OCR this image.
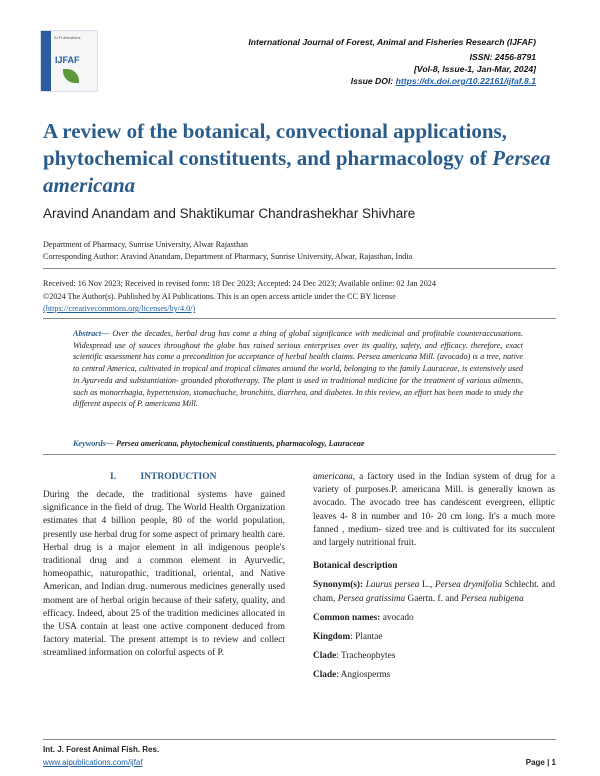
AI Publications
IJFAF
International Journal of Forest, Animal and Fisheries Research (IJFAF)
ISSN: 2456-8791
[Vol-8, Issue-1, Jan-Mar, 2024]
Issue DOI: https://dx.doi.org/10.22161/ijfaf.8.1
A review of the botanical, convectional applications, phytochemical constituents, and pharmacology of Persea americana
Aravind Anandam and Shaktikumar Chandrashekhar Shivhare
Department of Pharmacy, Sunrise University, Alwar Rajasthan
Corresponding Author: Aravind Anandam, Department of Pharmacy, Sunrise University, Alwar, Rajasthan, India
Received: 16 Nov 2023; Received in revised form: 18 Dec 2023; Accepted: 24 Dec 2023; Available online: 02 Jan 2024
©2024 The Author(s). Published by AI Publications. This is an open access article under the CC BY license
(https://creativecommons.org/licenses/by/4.0/)
Abstract— Over the decades, herbal drug has come a thing of global significance with medicinal and profitable counteraccusations. Widespread use of sauces throughout the globe has raised serious enterprises over its quality, safety, and efficacy. therefore, exact scientific assessment has come a precondition for acceptance of herbal health claims. Persea americana Mill. (avocado) is a tree, native to central America, cultivated in tropical and tropical climates around the world, belonging to the family Lauraceae, is extensively used in Ayurveda and substantiation- grounded phototherapy. The plant is used in traditional medicine for the treatment of various ailments, such as monorrhagia, hypertension, stomachache, bronchitis, diarrhea, and diabetes. In this review, an effort has been made to study the different aspects of P. americana Mill.
Keywords— Persea americana, phytochemical constituents, pharmacology, Lauraceae
I.	INTRODUCTION
During the decade, the traditional systems have gained significance in the field of drug. The World Health Organization estimates that 4 billion people, 80 of the world population, presently use herbal drug for some aspect of primary health care. Herbal drug is a major element in all indigenous people's traditional drug and a common element in Ayurvedic, homeopathic, naturopathic, traditional, oriental, and Native American, and Indian drug. numerous medicines generally used moment are of herbal origin because of their safety, quality, and efficacy. Indeed, about 25 of the tradition medicines allocated in the USA contain at least one active component deduced from factory material. The present attempt is to review and collect streamlined information on colorful aspects of P.

americana, a factory used in the Indian system of drug for a variety of purposes.P. americana Mill. is generally known as avocado. The avocado tree has candescent evergreen, elliptic leaves 4- 8 in number and 10- 20 cm long. It's a much more fanned , medium- sized tree and is cultivated for its succulent and largely nutritional fruit.

Botanical description

Synonym(s): Laurus persea L., Persea drymifolia Schlecht. and cham, Persea gratissima Gaertn. f. and Persea nubigena

Common names: avocado

Kingdom: Plantae

Clade: Tracheophytes

Clade: Angiosperms

Int. J. Forest Animal Fish. Res.
www.aipublications.com/ijfaf	Page | 1
